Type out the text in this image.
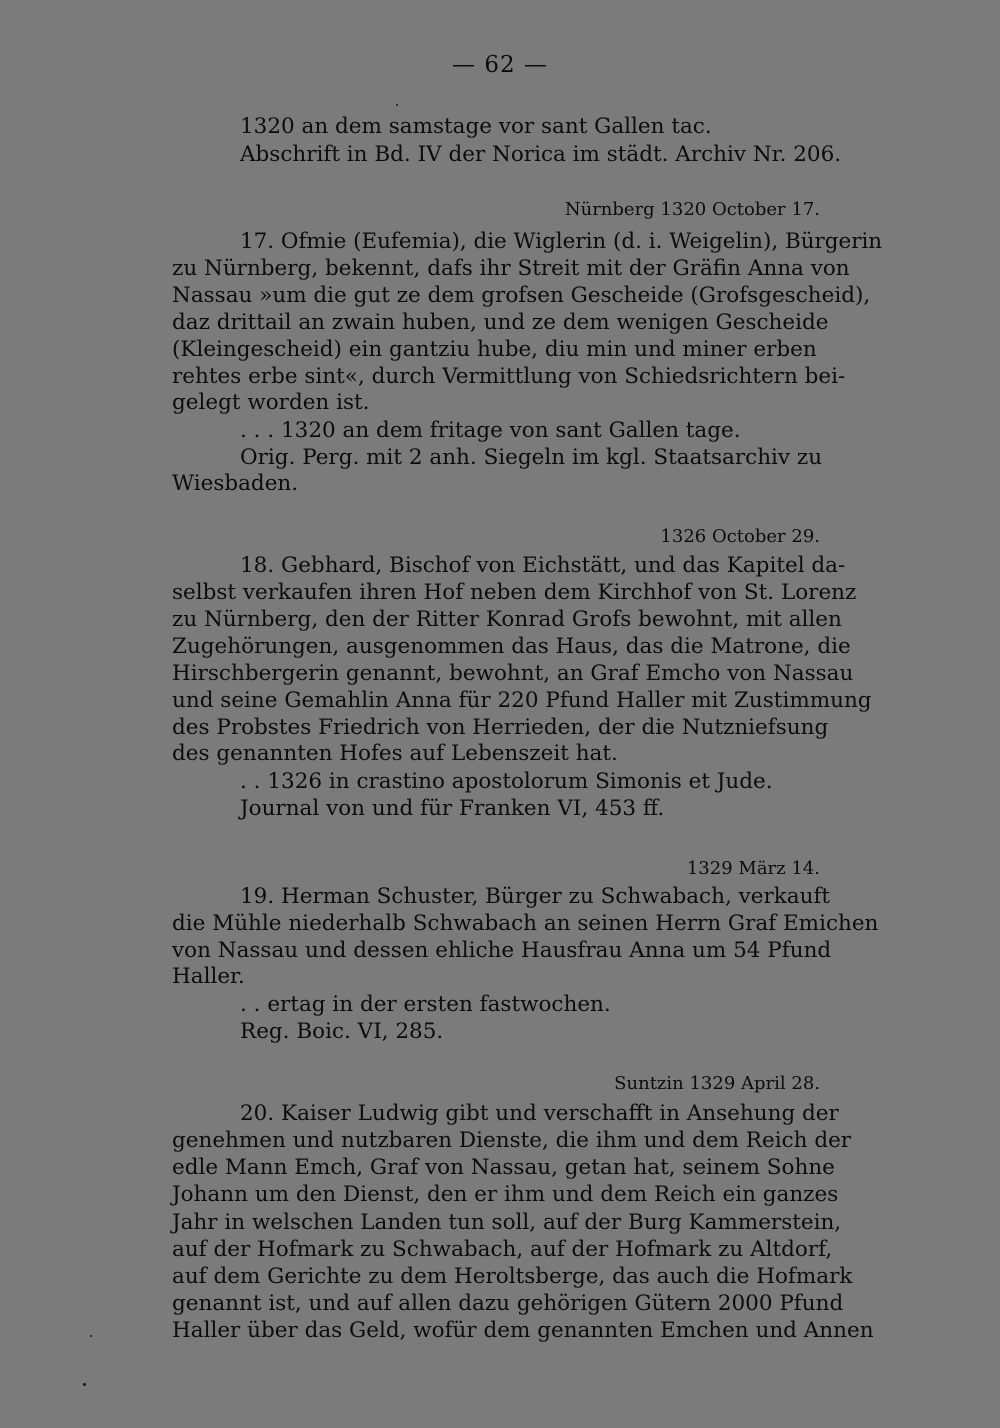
— 62 —
1320 an dem samstage vor sant Gallen tac.
Abschrift in Bd. IV der Norica im städt. Archiv Nr. 206.
Nürnberg 1320 October 17.
17. Ofmie (Eufemia), die Wiglerin (d. i. Weigelin), Bürgerin
zu Nürnberg, bekennt, dafs ihr Streit mit der Gräfin Anna von
Nassau »um die gut ze dem grofsen Gescheide (Grofsgescheid),
daz drittail an zwain huben, und ze dem wenigen Gescheide
(Kleingescheid) ein gantziu hube, diu min und miner erben
rehtes erbe sint«, durch Vermittlung von Schiedsrichtern bei-
gelegt worden ist.
. . . 1320 an dem fritage von sant Gallen tage.
Orig. Perg. mit 2 anh. Siegeln im kgl. Staatsarchiv zu
Wiesbaden.
1326 October 29.
18. Gebhard, Bischof von Eichstätt, und das Kapitel da-
selbst verkaufen ihren Hof neben dem Kirchhof von St. Lorenz
zu Nürnberg, den der Ritter Konrad Grofs bewohnt, mit allen
Zugehörungen, ausgenommen das Haus, das die Matrone, die
Hirschbergerin genannt, bewohnt, an Graf Emcho von Nassau
und seine Gemahlin Anna für 220 Pfund Haller mit Zustimmung
des Probstes Friedrich von Herrieden, der die Nutzniefsung
des genannten Hofes auf Lebenszeit hat.
. . 1326 in crastino apostolorum Simonis et Jude.
Journal von und für Franken VI, 453 ff.
1329 März 14.
19. Herman Schuster, Bürger zu Schwabach, verkauft
die Mühle niederhalb Schwabach an seinen Herrn Graf Emichen
von Nassau und dessen ehliche Hausfrau Anna um 54 Pfund
Haller.
. . ertag in der ersten fastwochen.
Reg. Boic. VI, 285.
Suntzin 1329 April 28.
20. Kaiser Ludwig gibt und verschafft in Ansehung der
genehmen und nutzbaren Dienste, die ihm und dem Reich der
edle Mann Emch, Graf von Nassau, getan hat, seinem Sohne
Johann um den Dienst, den er ihm und dem Reich ein ganzes
Jahr in welschen Landen tun soll, auf der Burg Kammerstein,
auf der Hofmark zu Schwabach, auf der Hofmark zu Altdorf,
auf dem Gerichte zu dem Heroltsberge, das auch die Hofmark
genannt ist, und auf allen dazu gehörigen Gütern 2000 Pfund
Haller über das Geld, wofür dem genannten Emchen und Annen
